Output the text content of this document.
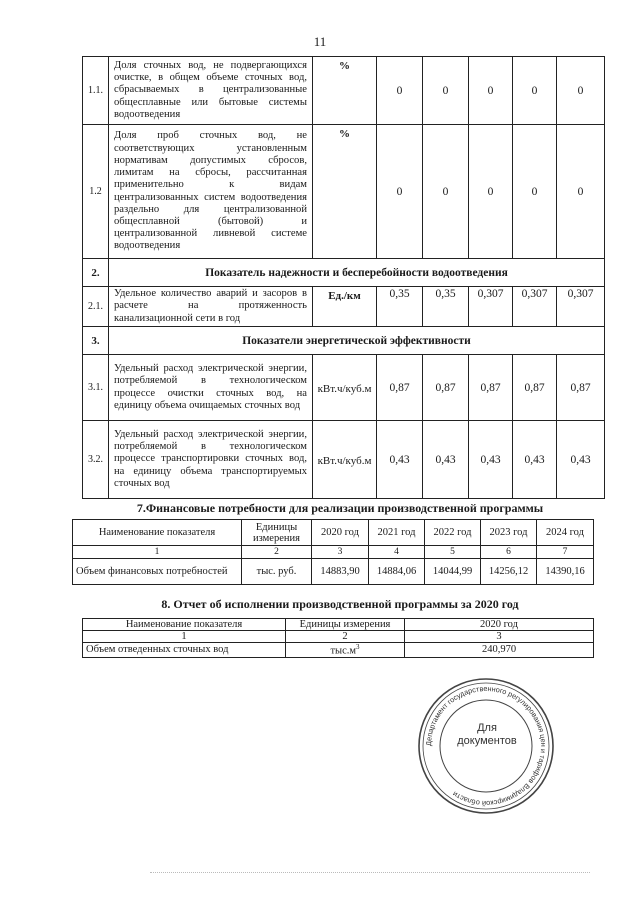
11
1.1.	Доля сточных вод, не подвергающихся очистке, в общем объеме сточных вод, сбрасываемых в централизованные общесплавные или бытовые системы водоотведения	%	0	0	0	0	0
1.2	Доля проб сточных вод, не соответствующих установленным нормативам допустимых сбросов, лимитам на сбросы, рассчитанная применительно к видам централизованных систем водоотведения раздельно для централизованной общесплавной (бытовой) и централизованной ливневой системе водоотведения	%	0	0	0	0	0
2.	Показатель надежности и бесперебойности водоотведения						
2.1.	Удельное количество аварий и засоров в расчете на протяженность канализационной сети в год	Ед./км	0,35	0,35	0,307	0,307	0,307
3.	Показатели энергетической эффективности						
3.1.	Удельный расход электрической энергии, потребляемой в технологическом процессе очистки сточных вод, на единицу объема очищаемых сточных вод	кВт.ч/куб.м	0,87	0,87	0,87	0,87	0,87
3.2.	Удельный расход электрической энергии, потребляемой в технологическом процессе транспортировки сточных вод, на единицу объема транспортируемых сточных вод	кВт.ч/куб.м	0,43	0,43	0,43	0,43	0,43
7.Финансовые потребности для реализации производственной программы
Наименование показателя	Единицы измерения	2020 год	2021 год	2022 год	2023 год	2024 год
1	2	3	4	5	6	7
Объем финансовых потребностей	тыс. руб.	14883,90	14884,06	14044,99	14256,12	14390,16
8. Отчет об исполнении производственной программы за 2020 год
Наименование показателя	Единицы измерения	2020 год
1	2	3
Объем отведенных сточных вод	$тыс.м^3$	240,970
Департамент государственного регулирования цен и тарифов Владимирской области
Для
документов
